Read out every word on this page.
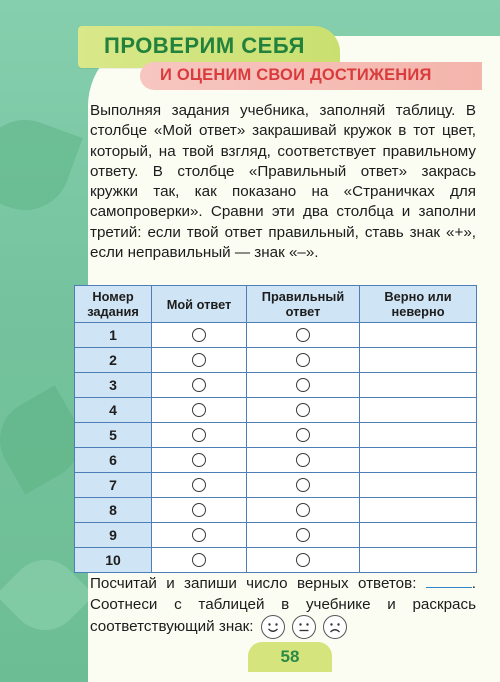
ПРОВЕРИМ СЕБЯ
И ОЦЕНИМ СВОИ ДОСТИЖЕНИЯ
Выполняя задания учебника, заполняй таблицу. В столбце «Мой ответ» закрашивай кружок в тот цвет, который, на твой взгляд, соответствует правильному ответу. В столбце «Правильный ответ» закрась кружки так, как показано на «Страничках для самопроверки». Сравни эти два столбца и заполни третий: если твой ответ правильный, ставь знак «+», если неправильный — знак «–».
Номер задания	Мой ответ	Правильный ответ	Верно или неверно
1			
2			
3			
4			
5			
6			
7			
8			
9			
10			
Посчитай и запиши число верных ответов:	. Соотнеси с таблицей в учебнике и раскрась соответствующий знак:
58
